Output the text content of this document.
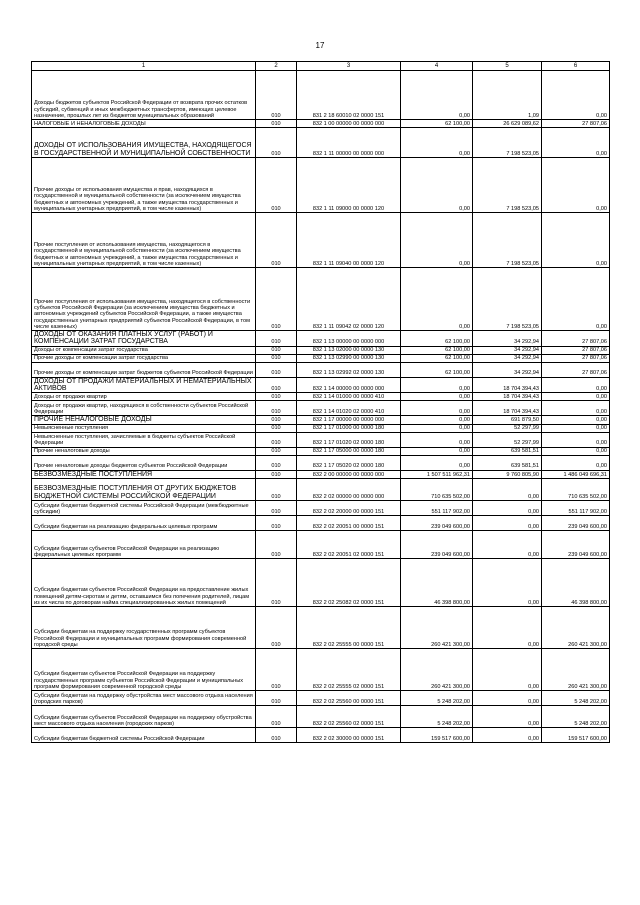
17
1	2	3	4	5	6
Доходы бюджетов субъектов Российской Федерации от возврата прочих остатков субсидий, субвенций и иных межбюджетных трансфертов, имеющих целевое назначение, прошлых лет из бюджетов муниципальных образований	010	831 2 18 60010 02 0000 151	0,00	1,09	0,00
НАЛОГОВЫЕ И НЕНАЛОГОВЫЕ ДОХОДЫ	010	832 1 00 00000 00 0000 000	62 100,00	26 629 089,62	27 807,06
ДОХОДЫ ОТ ИСПОЛЬЗОВАНИЯ ИМУЩЕСТВА, НАХОДЯЩЕГОСЯ В ГОСУДАРСТВЕННОЙ И МУНИЦИПАЛЬНОЙ СОБСТВЕННОСТИ	010	832 1 11 00000 00 0000 000	0,00	7 198 523,05	0,00
Прочие доходы от использования имущества и прав, находящихся в государственной и муниципальной собственности (за исключением имущества бюджетных и автономных учреждений, а также имущества государственных и муниципальных унитарных предприятий, в том числе казенных)	010	832 1 11 09000 00 0000 120	0,00	7 198 523,05	0,00
Прочие поступления от использования имущества, находящегося в государственной и муниципальной собственности (за исключением имущества бюджетных и автономных учреждений, а также имущества государственных и муниципальных унитарных предприятий, в том числе казенных)	010	832 1 11 09040 00 0000 120	0,00	7 198 523,05	0,00
Прочие поступления от использования имущества, находящегося в собственности субъектов Российской Федерации (за исключением имущества бюджетных и автономных учреждений субъектов Российской Федерации, а также имущества государственных унитарных предприятий субъектов Российской Федерации, в том числе казенных)	010	832 1 11 09042 02 0000 120	0,00	7 198 523,05	0,00
ДОХОДЫ ОТ ОКАЗАНИЯ ПЛАТНЫХ УСЛУГ (РАБОТ) И КОМПЕНСАЦИИ ЗАТРАТ ГОСУДАРСТВА	010	832 1 13 00000 00 0000 000	62 100,00	34 292,94	27 807,06
Доходы от компенсации затрат государства	010	832 1 13 02000 00 0000 130	62 100,00	34 292,94	27 807,06
Прочие доходы от компенсации затрат государства	010	832 1 13 02990 00 0000 130	62 100,00	34 292,94	27 807,06
Прочие доходы от компенсации затрат бюджетов субъектов Российской Федерации	010	832 1 13 02992 02 0000 130	62 100,00	34 292,94	27 807,06
ДОХОДЫ ОТ ПРОДАЖИ МАТЕРИАЛЬНЫХ И НЕМАТЕРИАЛЬНЫХ АКТИВОВ	010	832 1 14 00000 00 0000 000	0,00	18 704 394,43	0,00
Доходы от продажи квартир	010	832 1 14 01000 00 0000 410	0,00	18 704 394,43	0,00
Доходы от продажи квартир, находящихся в собственности субъектов Российской Федерации	010	832 1 14 01020 02 0000 410	0,00	18 704 394,43	0,00
ПРОЧИЕ НЕНАЛОГОВЫЕ ДОХОДЫ	010	832 1 17 00000 00 0000 000	0,00	691 879,50	0,00
Невыясненные поступления	010	832 1 17 01000 00 0000 180	0,00	52 297,99	0,00
Невыясненные поступления, зачисляемые в бюджеты субъектов Российской Федерации	010	832 1 17 01020 02 0000 180	0,00	52 297,99	0,00
Прочие неналоговые доходы	010	832 1 17 05000 00 0000 180	0,00	639 581,51	0,00
Прочие неналоговые доходы бюджетов субъектов Российской Федерации	010	832 1 17 05020 02 0000 180	0,00	639 581,51	0,00
БЕЗВОЗМЕЗДНЫЕ ПОСТУПЛЕНИЯ	010	832 2 00 00000 00 0000 000	1 507 511 962,31	9 760 805,90	1 486 049 696,31
БЕЗВОЗМЕЗДНЫЕ ПОСТУПЛЕНИЯ ОТ ДРУГИХ БЮДЖЕТОВ БЮДЖЕТНОЙ СИСТЕМЫ РОССИЙСКОЙ ФЕДЕРАЦИИ	010	832 2 02 00000 00 0000 000	710 635 502,00	0,00	710 635 502,00
Субсидии бюджетам бюджетной системы Российской Федерации (межбюджетные субсидии)	010	832 2 02 20000 00 0000 151	551 117 902,00	0,00	551 117 902,00
Субсидии бюджетам на реализацию федеральных целевых программ	010	832 2 02 20051 00 0000 151	239 049 600,00	0,00	239 049 600,00
Субсидии бюджетам субъектов Российской Федерации на реализацию федеральных целевых программ	010	832 2 02 20051 02 0000 151	239 049 600,00	0,00	239 049 600,00
Субсидии бюджетам субъектов Российской Федерации на предоставление жилых помещений детям-сиротам и детям, оставшимся без попечения родителей, лицам из их числа по договорам найма специализированных жилых помещений	010	832 2 02 25082 02 0000 151	46 398 800,00	0,00	46 398 800,00
Субсидии бюджетам на поддержку государственных программ субъектов Российской Федерации и муниципальных программ формирования современной городской среды	010	832 2 02 25555 00 0000 151	260 421 300,00	0,00	260 421 300,00
Субсидии бюджетам субъектов Российской Федерации на поддержку государственных программ субъектов Российской Федерации и муниципальных программ формирования современной городской среды	010	832 2 02 25555 02 0000 151	260 421 300,00	0,00	260 421 300,00
Субсидии бюджетам на поддержку обустройства мест массового отдыха населения (городских парков)	010	832 2 02 25560 00 0000 151	5 248 202,00	0,00	5 248 202,00
Субсидии бюджетам субъектов Российской Федерации на поддержку обустройства мест массового отдыха населения (городских парков)	010	832 2 02 25560 02 0000 151	5 248 202,00	0,00	5 248 202,00
Субсидии бюджетам бюджетной системы Российской Федерации	010	832 2 02 30000 00 0000 151	159 517 600,00	0,00	159 517 600,00
